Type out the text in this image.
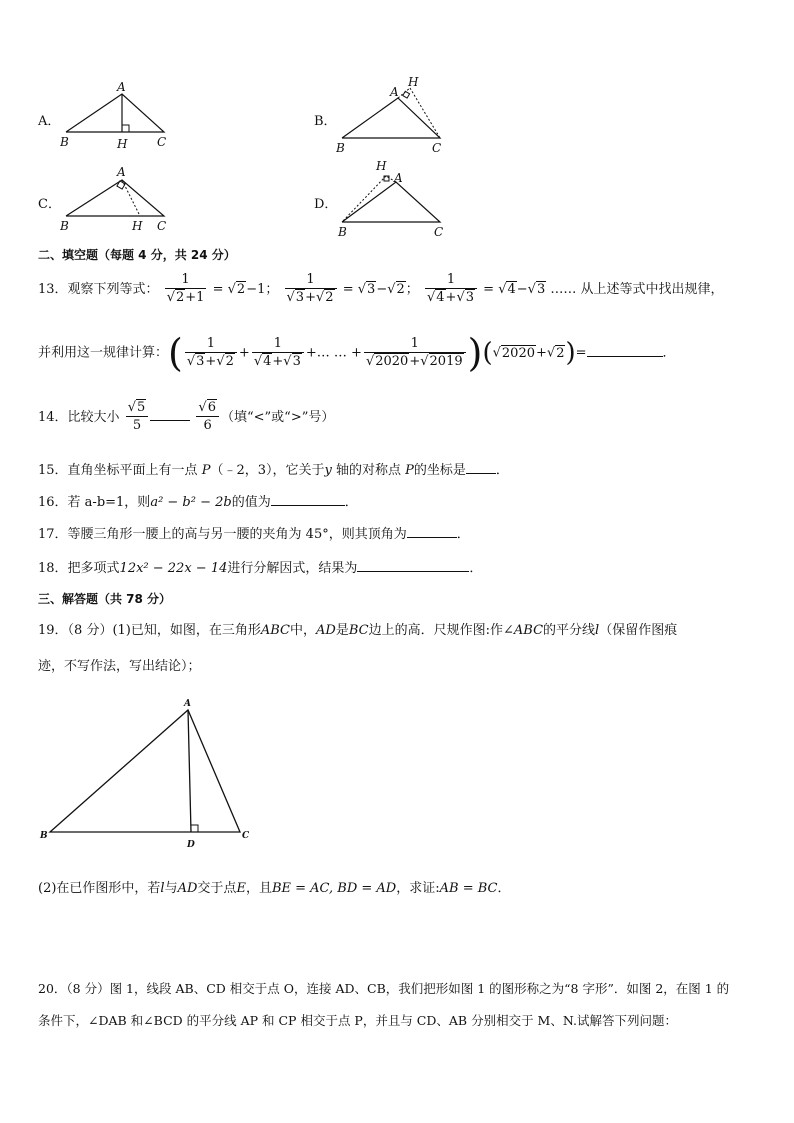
A．
A
B	H C
B．
A
H
B	C
C．
A
B	H C
D．
H
A
B	C
二、填空题（每题 4 分，共 24 分）
13．观察下列等式： $\frac{1}{√2+1} = √2-1$； $\frac{1}{√3+√2} = √3-√2$； $\frac{1}{√4+√3} = √4-√3$ …… 从上述等式中找出规律，
并利用这一规律计算：( $\frac{1}{√3+√2} + \frac{1}{√4+√3}$ +… … + $\frac{1}{√2020+√2019} )(√2020+√2)=$	．
14．比较大小 $\frac{√5}{5}$
	$\frac{√6}{6}$ （填“<”或“>”号）
15．直角坐标平面上有一点 P（﹣2，3），它关于y 轴的对称点 P的坐标是 ．
16．若 a-b=1，则a² − b² − 2b的值为	．
17．等腰三角形一腰上的高与另一腰的夹角为 45°，则其顶角为	．
18．把多项式12x² − 22x − 14进行分解因式，结果为	．
三、解答题（共 78 分）
19．（8 分）(1)已知，如图，在三角形ABC中，AD是BC边上的高．尺规作图:作∠ABC的平分线l（保留作图痕
迹，不写作法，写出结论）；
A
B
D
C
(2)在已作图形中，若l与AD交于点E，且BE = AC, BD = AD，求证:AB = BC．
20．（8 分）图 1，线段 AB、CD 相交于点 O，连接 AD、CB，我们把形如图 1 的图形称之为“8 字形”．如图 2，在图 1 的
条件下，∠DAB 和∠BCD 的平分线 AP 和 CP 相交于点 P，并且与 CD、AB 分别相交于 M、N.试解答下列问题：
